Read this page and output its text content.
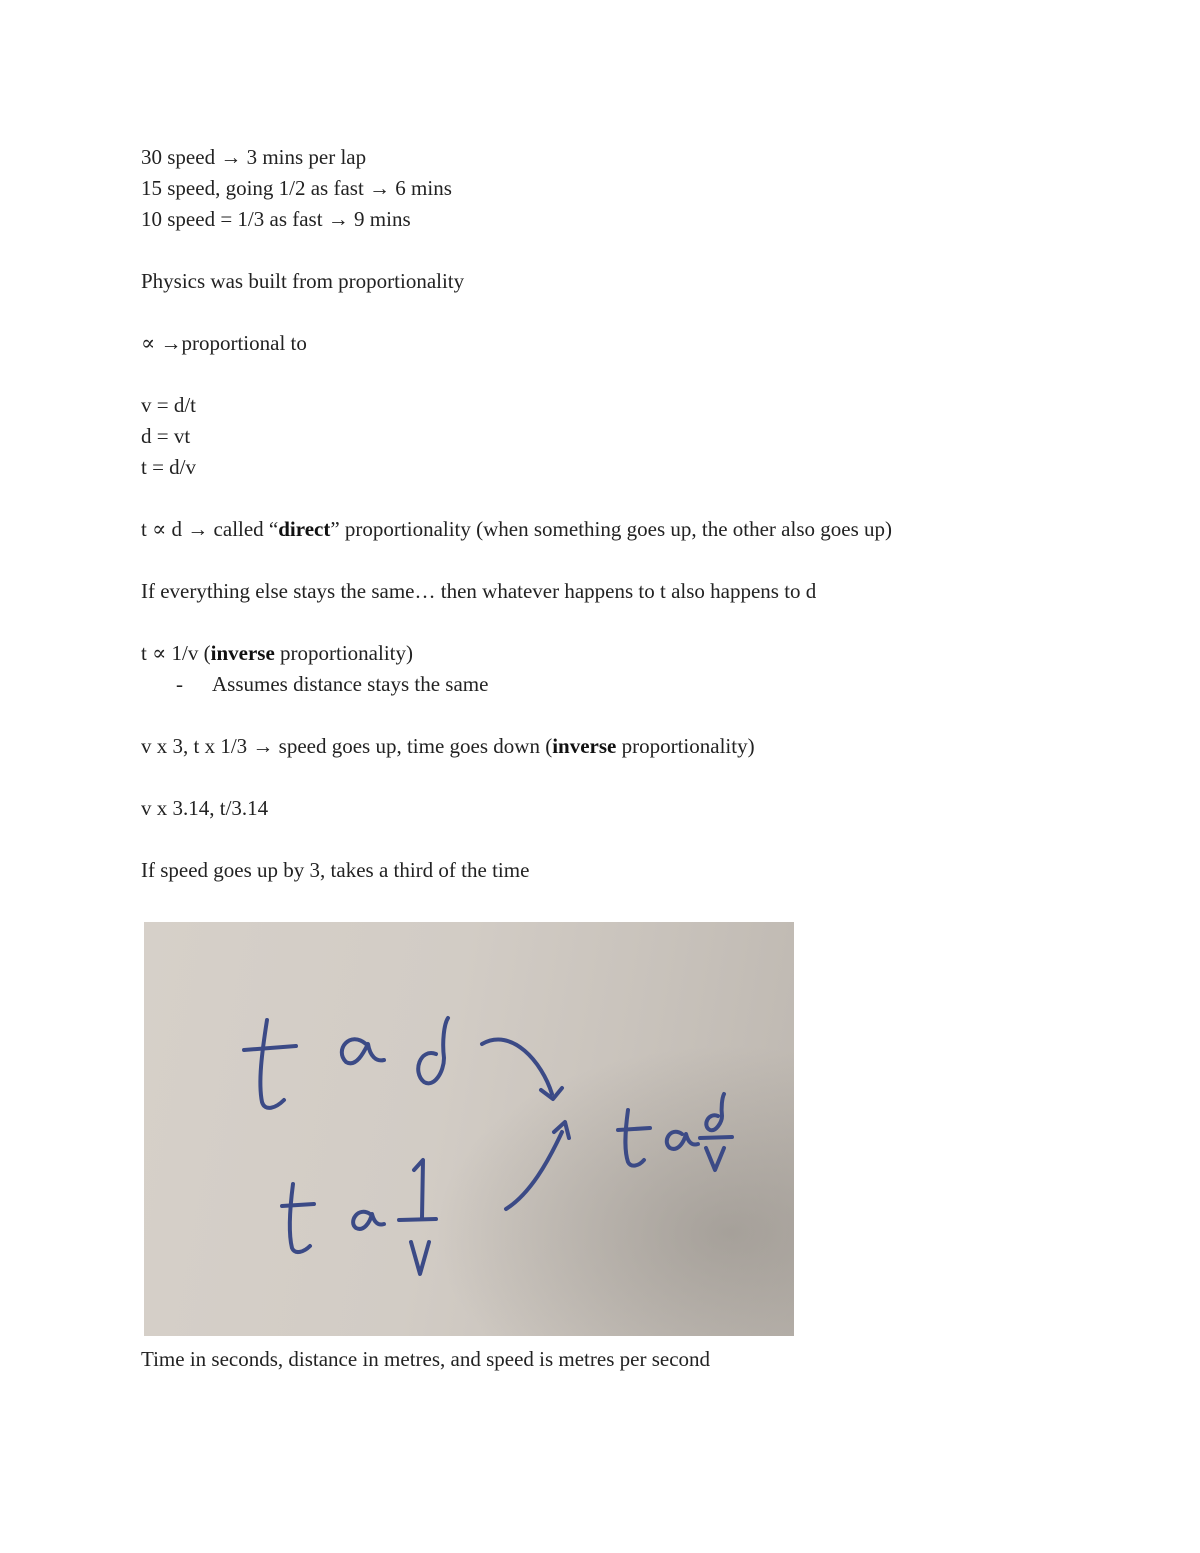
30 speed → 3 mins per lap

15 speed, going 1/2 as fast → 6 mins

10 speed = 1/3 as fast → 9 mins

Physics was built from proportionality

∝ →proportional to

v = d/t

d = vt

t = d/v

t ∝ d → called “direct” proportionality (when something goes up, the other also goes up)

If everything else stays the same… then whatever happens to t also happens to d

t ∝ 1/v (inverse proportionality)

- Assumes distance stays the same

v x 3, t x 1/3 → speed goes up, time goes down (inverse proportionality)

v x 3.14, t/3.14

If speed goes up by 3, takes a third of the time

Time in seconds, distance in metres, and speed is metres per second
